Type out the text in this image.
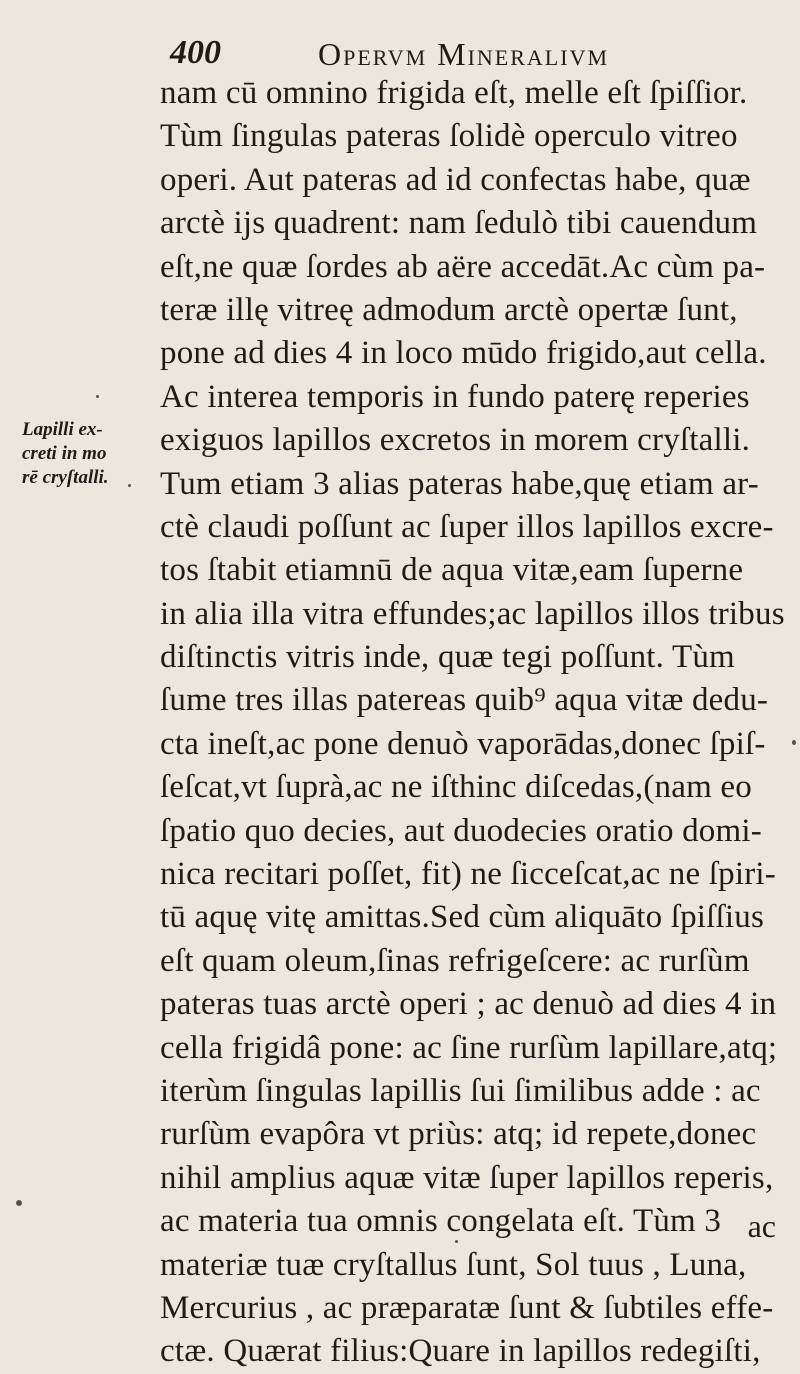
400	Opervm Mineralivm
Lapilli ex-
creti in mo
rē cryſtalli.
nam cū omnino frigida eſt, melle eſt ſpiſſior.
Tùm ſingulas pateras ſolidè operculo vitreo
operi. Aut pateras ad id confectas habe, quæ
arctè ijs quadrent: nam ſedulò tibi cauendum
eſt,ne quæ ſordes ab aëre accedāt.Ac cùm pa-
teræ illę vitreę admodum arctè opertæ ſunt,
pone ad dies 4 in loco mūdo frigido,aut cella.
Ac interea temporis in fundo paterę reperies
exiguos lapillos excretos in morem cryſtalli.
Tum etiam 3 alias pateras habe,quę etiam ar-
ctè claudi poſſunt ac ſuper illos lapillos excre-
tos ſtabit etiamnū de aqua vitæ,eam ſuperne
in alia illa vitra effundes;ac lapillos illos tribus
diſtinctis vitris inde, quæ tegi poſſunt. Tùm
ſume tres illas patereas quib⁹ aqua vitæ dedu-
cta ineſt,ac pone denuò vaporādas,donec ſpiſ-
ſeſcat,vt ſuprà,ac ne iſthinc diſcedas,(nam eo
ſpatio quo decies, aut duodecies oratio domi-
nica recitari poſſet, fit) ne ſicceſcat,ac ne ſpiri-
tū aquę vitę amittas.Sed cùm aliquāto ſpiſſius
eſt quam oleum,ſinas refrigeſcere: ac rurſùm
pateras tuas arctè operi ; ac denuò ad dies 4 in
cella frigidâ pone: ac ſine rurſùm lapillare,atq;
iterùm ſingulas lapillis ſui ſimilibus adde : ac
rurſùm evapôra vt priùs: atq; id repete,donec
nihil amplius aquæ vitæ ſuper lapillos reperis,
ac materia tua omnis congelata eſt. Tùm 3
materiæ tuæ cryſtallus ſunt, Sol tuus , Luna,
Mercurius , ac præparatæ ſunt & ſubtiles effe-
ctæ. Quærat filius:Quare in lapillos redegiſti,
ac
